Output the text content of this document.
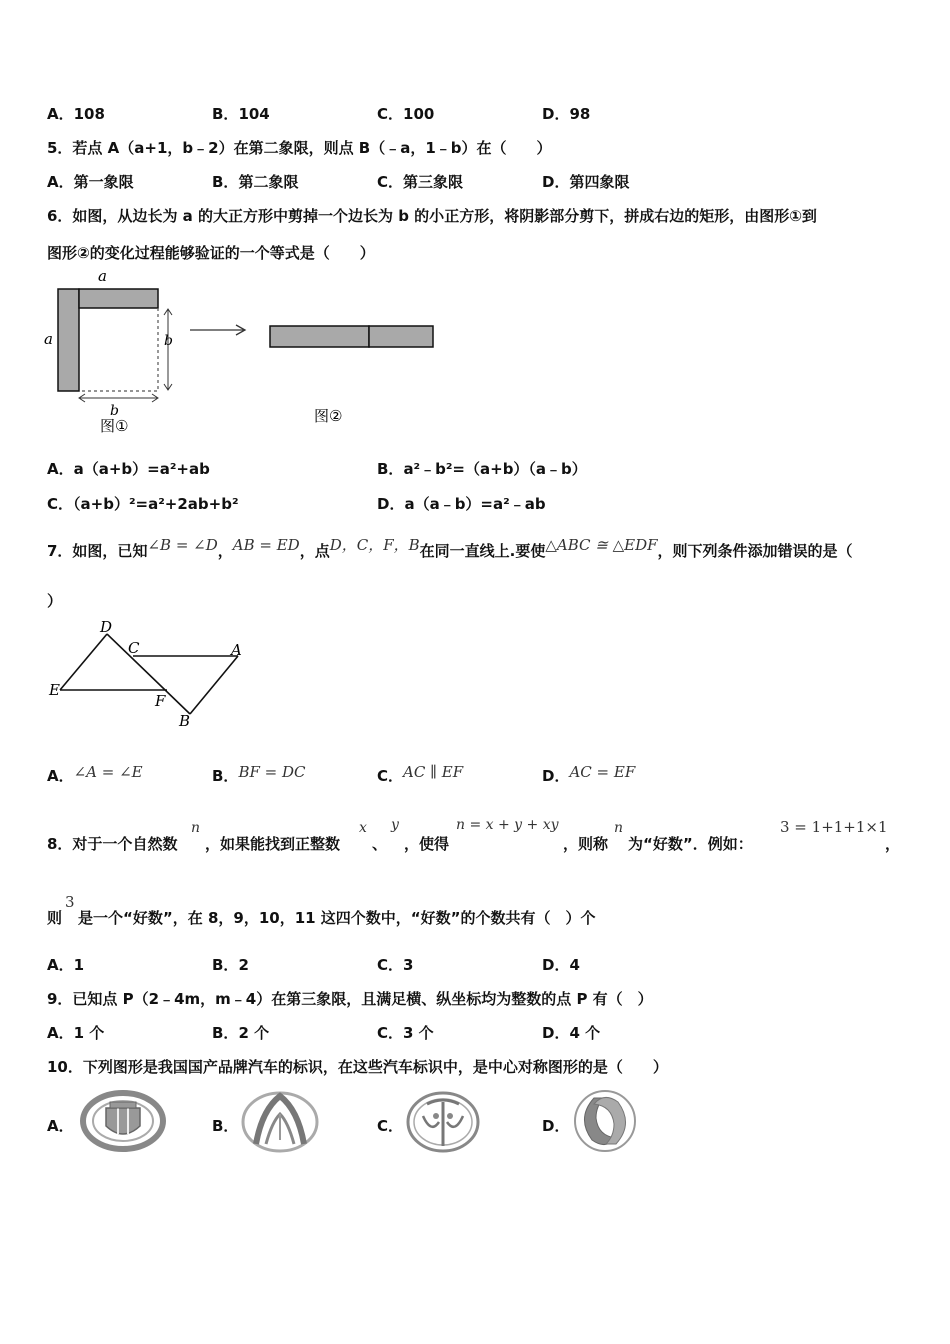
A．108	B．104	C．100	D．98
5．若点 A（a+1，b﹣2）在第二象限，则点 B（﹣a，1﹣b）在（　　）
A．第一象限	B．第二象限	C．第三象限	D．第四象限
6．如图，从边长为 a 的大正方形中剪掉一个边长为 b 的小正方形，将阴影部分剪下，拼成右边的矩形，由图形①到
图形②的变化过程能够验证的一个等式是（　　）
a
a	b
b
图①
图②
A．a（a+b）=a²+ab	B．a²﹣b²=（a+b）（a﹣b）
C．（a+b）²=a²+2ab+b²	D．a（a﹣b）=a²﹣ab
7．如图，已知∠B = ∠D，AB = ED，点D，C，F，B在同一直线上.要使△ABC ≅ △EDF，则下列条件添加错误的是（
）
D
C	A
E
F
B
A．∠A = ∠E	B．BF = DC	C．AC ∥ EF	D．AC = EF
8．对于一个自然数
n
，如果能找到正整数
x
、
y
，使得
n = x + y + xy
，则称
n
为“好数”．例如：
3 = 1+1+1×1
，
则
3
是一个“好数”，在 8，9，10，11 这四个数中，“好数”的个数共有（　）个
A．1	B．2	C．3	D．4
9．已知点 P（2﹣4m，m﹣4）在第三象限，且满足横、纵坐标均为整数的点 P 有（　）
A．1 个	B．2 个	C．3 个	D．4 个
10．下列图形是我国国产品牌汽车的标识，在这些汽车标识中，是中心对称图形的是（　　）
A．	B．	C．	D．
